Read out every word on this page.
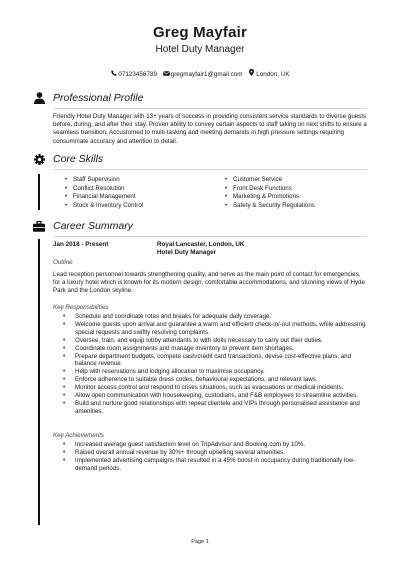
Greg Mayfair
Hotel Duty Manager
07123456789 gregmayfair1@gmail.com London, UK
Professional Profile
Friendly Hotel Duty Manager with 13+ years of success in providing consistent service standards to diverse guests before, during, and after their stay. Proven ability to convey certain aspects to staff taking on next shifts to ensure a seamless transition. Accustomed to multi-tasking and meeting demands in high pressure settings requiring consummate accuracy and attention to detail.
Core Skills
• Staff Supervision
• Conflict Resolution
• Financial Management
• Stock & Inventory Control
• Customer Service
• Front Desk Functions
• Marketing & Promotions
• Safety & Security Regulations
Career Summary
Jan 2018 - Present	Royal Lancaster, London, UK
Hotel Duty Manager
Outline
Lead reception personnel towards strengthening quality, and serve as the main point of contact for emergencies, for a luxury hotel which is known for its modern design, comfortable accommodations, and stunning views of Hyde Park and the London skyline.
Key Responsibilities
• Schedule and coordinate rotas and breaks for adequate daily coverage.
• Welcome guests upon arrival and guarantee a warm and efficient check-in/-out methods, while addressing special requests and swiftly resolving complaints.
• Oversee, train, and equip lobby attendants to with skills necessary to carry out their duties.
• Coordinate room assignments and manage inventory to prevent item shortages.
• Prepare department budgets, compete cash/credit card transactions, devise cost-effective plans, and balance revenue.
• Help with reservations and lodging allocation to maximise occupancy.
• Enforce adherence to suitable dress codes, behavioural expectations, and relevant laws.
• Monitor access control and respond to crises situations, such as evacuations or medical incidents.
• Allow open communication with housekeeping, custodians, and F&B employees to streamline activities.
• Build and nurture good relationships with repeat clientele and VIPs through personalised assistance and amenities.
Key Achievements
• Increased average guest satisfaction level on TripAdvisor and Booking.com by 10%.
• Raised overall annual revenue by 30%+ through upselling several amenities.
• Implemented advertising campaigns that resulted in a 45% boost in occupancy during traditionally low-demand periods.
Page 1
